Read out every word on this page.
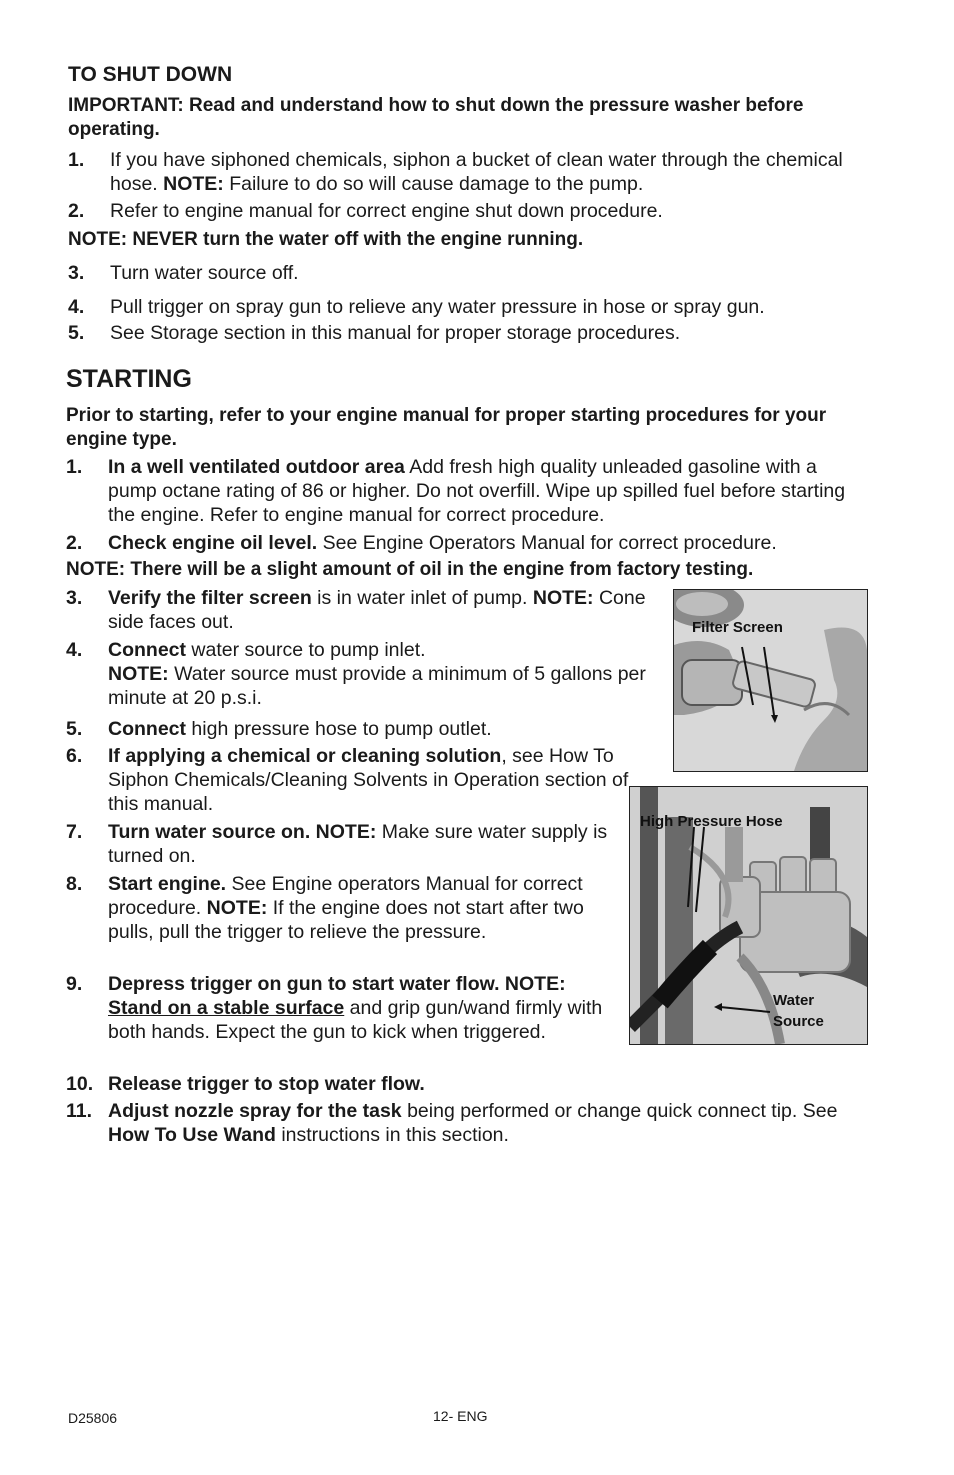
TO SHUT DOWN
IMPORTANT: Read and understand how to shut down the pressure washer before operating.
1. If you have siphoned chemicals, siphon a bucket of clean water through the chemical hose. NOTE: Failure to do so will cause damage to the pump.
2. Refer to engine manual for correct engine shut down procedure.
NOTE: NEVER turn the water off with the engine running.
3. Turn water source off.
4. Pull trigger on spray gun to relieve any water pressure in hose or spray gun.
5. See Storage section in this manual for proper storage procedures.
STARTING
Prior to starting, refer to your engine manual for proper starting procedures for your engine type.
1. In a well ventilated outdoor area Add fresh high quality unleaded gasoline with a pump octane rating of 86 or higher. Do not overfill. Wipe up spilled fuel before starting the engine. Refer to engine manual for correct procedure.
2. Check engine oil level. See Engine Operators Manual for correct procedure.
NOTE: There will be a slight amount of oil in the engine from factory testing.
3. Verify the filter screen is in water inlet of pump. NOTE: Cone side faces out.
4. Connect water source to pump inlet.
NOTE: Water source must provide a minimum of 5 gallons per minute at 20 p.s.i.
5. Connect high pressure hose to pump outlet.
6. If applying a chemical or cleaning solution, see How To Siphon Chemicals/Cleaning Solvents in Operation section of this manual.
7. Turn water source on. NOTE: Make sure water supply is turned on.
8. Start engine. See Engine operators Manual for correct procedure. NOTE: If the engine does not start after two pulls, pull the trigger to relieve the pressure.
9. Depress trigger on gun to start water flow. NOTE:
Stand on a stable surface and grip gun/wand firmly with both hands. Expect the gun to kick when triggered.
10. Release trigger to stop water flow.
11. Adjust nozzle spray for the task being performed or change quick connect tip. See How To Use Wand instructions in this section.
Filter Screen
High Pressure Hose
Water
Source
D25806	12- ENG
